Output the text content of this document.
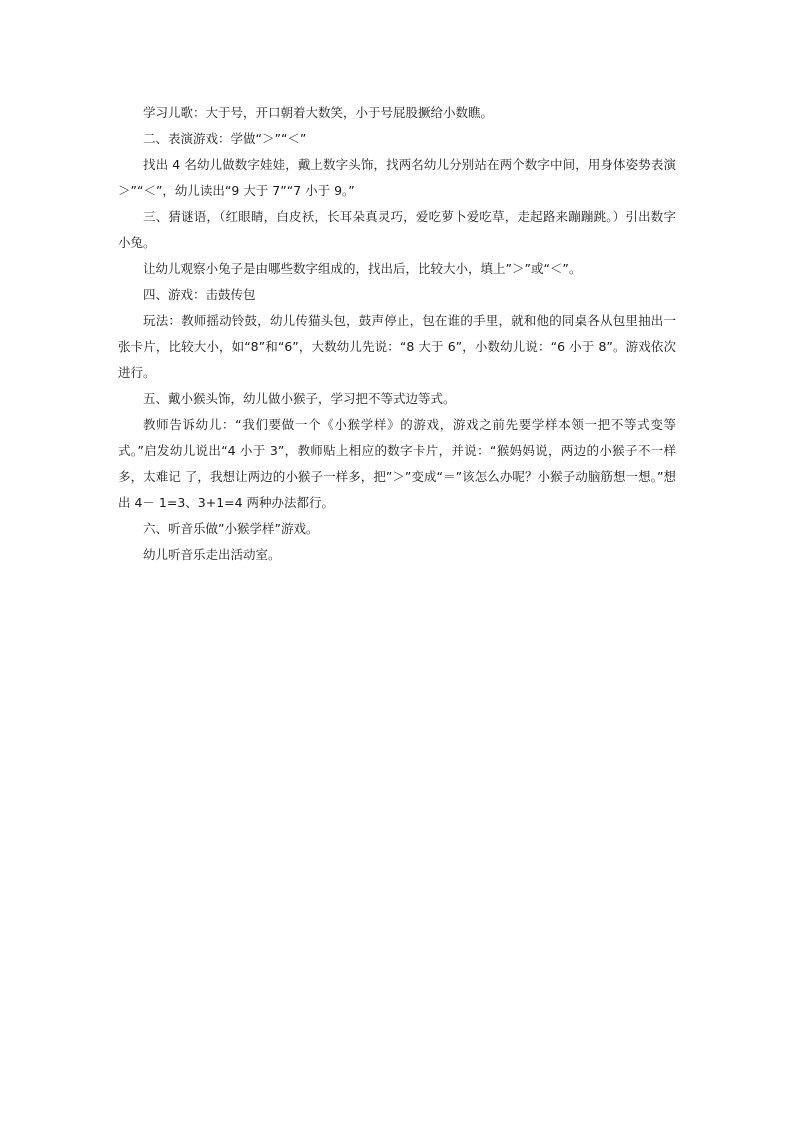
学习儿歌：大于号，开口朝着大数笑，小于号屁股撅给小数瞧。

二、表演游戏：学做“＞”“＜”

找出 4 名幼儿做数字娃娃，戴上数字头饰，找两名幼儿分别站在两个数字中间，用身体姿势表演＞”“＜”，幼儿读出“9 大于 7”“7 小于 9。”

三、猜谜语，（红眼睛，白皮袄，长耳朵真灵巧，爱吃萝卜爱吃草，走起路来蹦蹦跳。）引出数字小兔。

让幼儿观察小兔子是由哪些数字组成的，找出后，比较大小，填上”＞”或“＜”。

四、游戏：击鼓传包

玩法：教师摇动铃鼓，幼儿传猫头包，鼓声停止，包在谁的手里，就和他的同桌各从包里抽出一张卡片，比较大小，如“8”和“6”，大数幼儿先说：“8 大于 6”，小数幼儿说：“6 小于 8”。游戏依次进行。

五、戴小猴头饰，幼儿做小猴子，学习把不等式边等式。

教师告诉幼儿：“我们要做一个《小猴学样》的游戏，游戏之前先要学样本领一把不等式变等式。”启发幼儿说出“4 小于 3”，教师贴上相应的数字卡片，并说：“猴妈妈说，两边的小猴子不一样多，太难记 了，我想让两边的小猴子一样多，把”＞”变成“＝”该怎么办呢？小猴子动脑筋想一想。”想出 4－ 1=3、3+1=4 两种办法都行。

六、听音乐做”小猴学样”游戏。

幼儿听音乐走出活动室。
